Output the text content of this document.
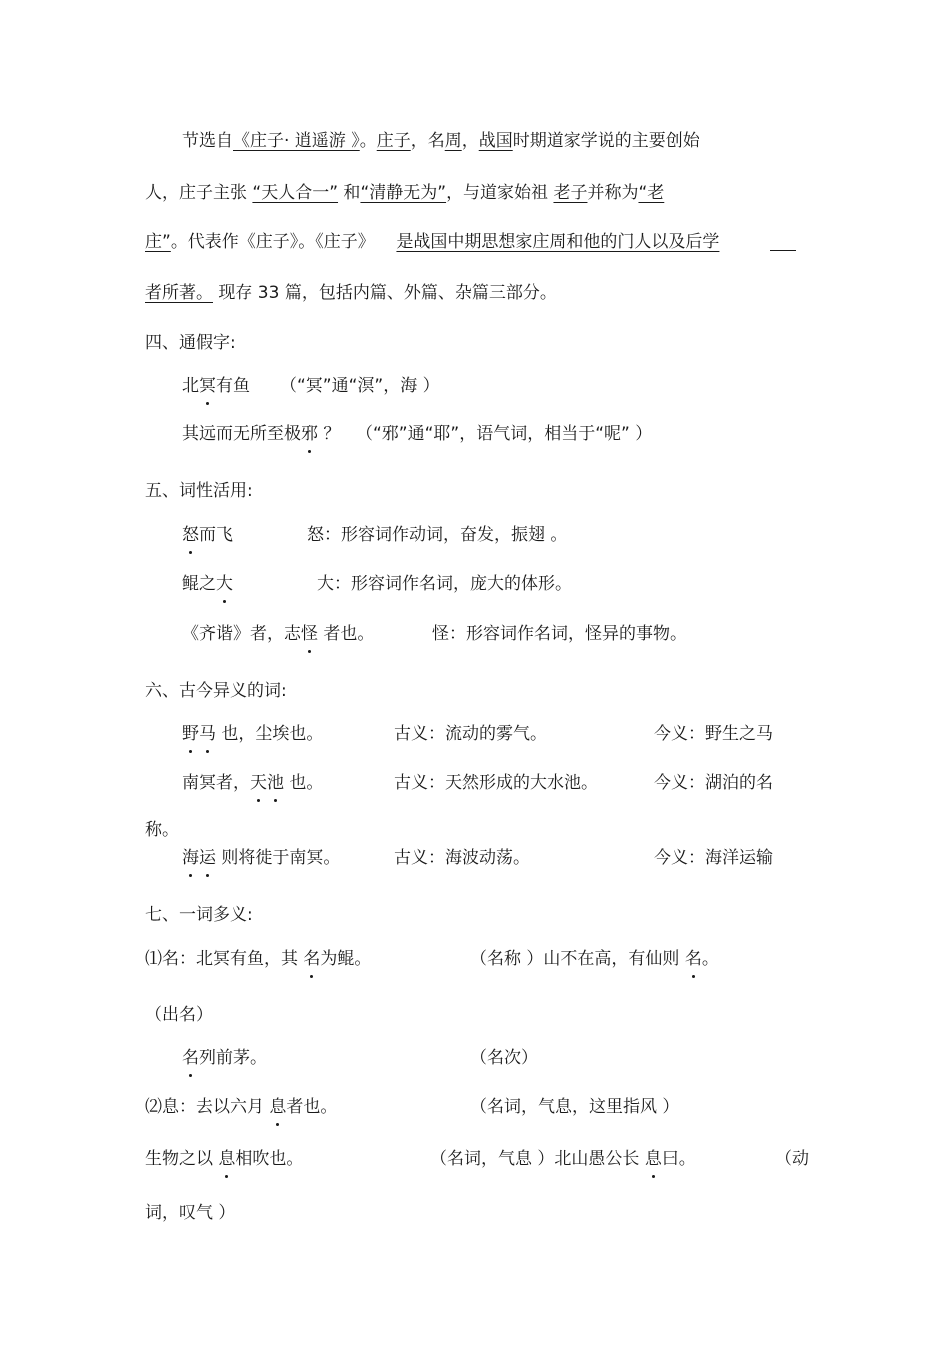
节选自《庄子· 逍遥游 》。庄子，名周，战国时期道家学说的主要创始
人，庄子主张 “天人合一” 和“清静无为”，与道家始祖 老子并称为“老
庄”。代表作《庄子》。《庄子》    是战国中期思想家庄周和他的门人以及后学
者所著。 现存 33 篇，包括内篇、外篇、杂篇三部分。
四、通假字:
北冥有鱼 （“冥”通“溟”，海 ）
其远而无所至极邪 ？ （“邪”通“耶”，语气词，相当于“呢” ）
五、词性活用:
怒而飞	怒：形容词作动词，奋发，振翅 。
鲲之大	大：形容词作名词，庞大的体形。
《齐谐》者，志怪 者也。	怪：形容词作名词，怪异的事物。
六、古今异义的词:
野马 也，尘埃也。	古义：流动的雾气。	今义：野生之马
南冥者，天池 也。	古义：天然形成的大水池。	今义：湖泊的名
称。
海运 则将徙于南冥。	古义：海波动荡。	今义：海洋运输
七、一词多义:
⑴名：北冥有鱼，其 名为鲲。	（名称 ）山不在高，有仙则 名。
（出名）
名列前茅。	（名次）
⑵息：去以六月 息者也。	（名词，气息，这里指风 ）
生物之以 息相吹也。	（名词，气息 ）北山愚公长 息曰。	（动
词，叹气 ）
